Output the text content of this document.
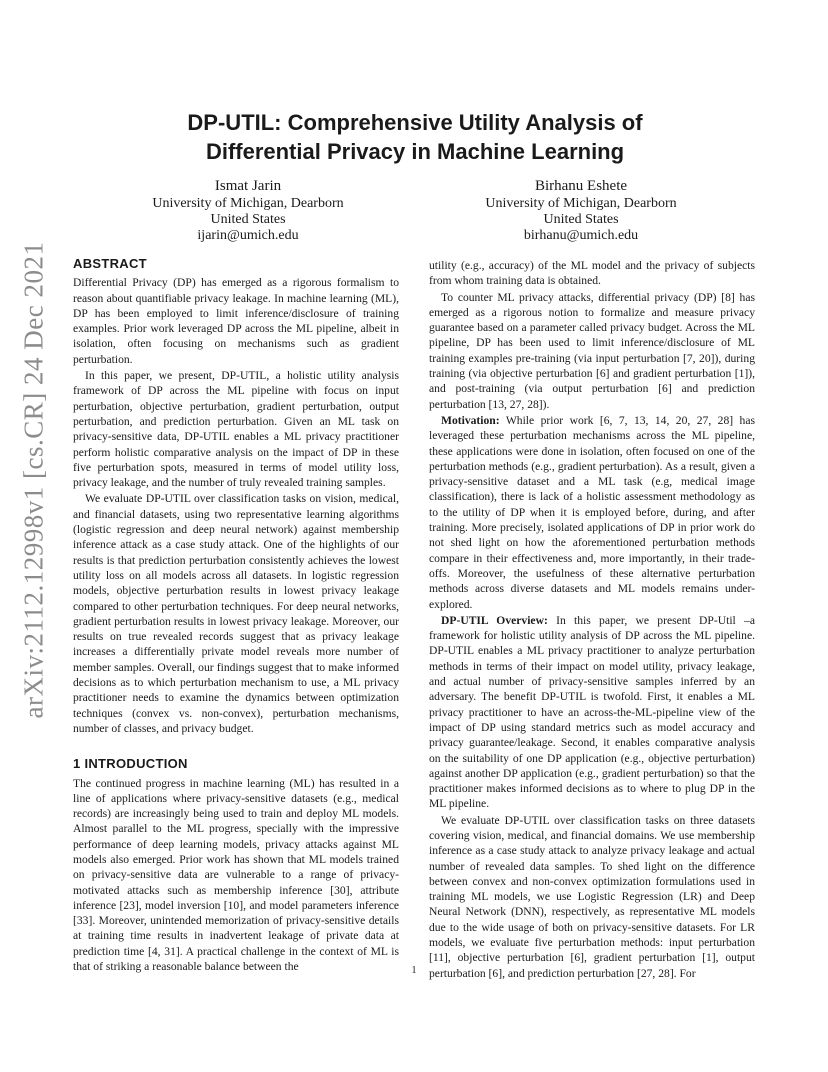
arXiv:2112.12998v1 [cs.CR] 24 Dec 2021
DP-UTIL: Comprehensive Utility Analysis of
Differential Privacy in Machine Learning
Ismat Jarin
University of Michigan, Dearborn
United States
ijarin@umich.edu
Birhanu Eshete
University of Michigan, Dearborn
United States
birhanu@umich.edu
ABSTRACT

Differential Privacy (DP) has emerged as a rigorous formalism to reason about quantifiable privacy leakage. In machine learning (ML), DP has been employed to limit inference/disclosure of training examples. Prior work leveraged DP across the ML pipeline, albeit in isolation, often focusing on mechanisms such as gradient perturbation.

In this paper, we present, DP-UTIL, a holistic utility analysis framework of DP across the ML pipeline with focus on input perturbation, objective perturbation, gradient perturbation, output perturbation, and prediction perturbation. Given an ML task on privacy-sensitive data, DP-UTIL enables a ML privacy practitioner perform holistic comparative analysis on the impact of DP in these five perturbation spots, measured in terms of model utility loss, privacy leakage, and the number of truly revealed training samples.

We evaluate DP-UTIL over classification tasks on vision, medical, and financial datasets, using two representative learning algorithms (logistic regression and deep neural network) against membership inference attack as a case study attack. One of the highlights of our results is that prediction perturbation consistently achieves the lowest utility loss on all models across all datasets. In logistic regression models, objective perturbation results in lowest privacy leakage compared to other perturbation techniques. For deep neural networks, gradient perturbation results in lowest privacy leakage. Moreover, our results on true revealed records suggest that as privacy leakage increases a differentially private model reveals more number of member samples. Overall, our findings suggest that to make informed decisions as to which perturbation mechanism to use, a ML privacy practitioner needs to examine the dynamics between optimization techniques (convex vs. non-convex), perturbation mechanisms, number of classes, and privacy budget.

1 INTRODUCTION

The continued progress in machine learning (ML) has resulted in a line of applications where privacy-sensitive datasets (e.g., medical records) are increasingly being used to train and deploy ML models. Almost parallel to the ML progress, specially with the impressive performance of deep learning models, privacy attacks against ML models also emerged. Prior work has shown that ML models trained on privacy-sensitive data are vulnerable to a range of privacy-motivated attacks such as membership inference [30], attribute inference [23], model inversion [10], and model parameters inference [33]. Moreover, unintended memorization of privacy-sensitive details at training time results in inadvertent leakage of private data at prediction time [4, 31]. A practical challenge in the context of ML is that of striking a reasonable balance between the

utility (e.g., accuracy) of the ML model and the privacy of subjects from whom training data is obtained.

To counter ML privacy attacks, differential privacy (DP) [8] has emerged as a rigorous notion to formalize and measure privacy guarantee based on a parameter called privacy budget. Across the ML pipeline, DP has been used to limit inference/disclosure of ML training examples pre-training (via input perturbation [7, 20]), during training (via objective perturbation [6] and gradient perturbation [1]), and post-training (via output perturbation [6] and prediction perturbation [13, 27, 28]).

Motivation: While prior work [6, 7, 13, 14, 20, 27, 28] has leveraged these perturbation mechanisms across the ML pipeline, these applications were done in isolation, often focused on one of the perturbation methods (e.g., gradient perturbation). As a result, given a privacy-sensitive dataset and a ML task (e.g, medical image classification), there is lack of a holistic assessment methodology as to the utility of DP when it is employed before, during, and after training. More precisely, isolated applications of DP in prior work do not shed light on how the aforementioned perturbation methods compare in their effectiveness and, more importantly, in their trade-offs. Moreover, the usefulness of these alternative perturbation methods across diverse datasets and ML models remains under-explored.

DP-UTIL Overview: In this paper, we present DP-Util –a framework for holistic utility analysis of DP across the ML pipeline. DP-UTIL enables a ML privacy practitioner to analyze perturbation methods in terms of their impact on model utility, privacy leakage, and actual number of privacy-sensitive samples inferred by an adversary. The benefit DP-UTIL is twofold. First, it enables a ML privacy practitioner to have an across-the-ML-pipeline view of the impact of DP using standard metrics such as model accuracy and privacy guarantee/leakage. Second, it enables comparative analysis on the suitability of one DP application (e.g., objective perturbation) against another DP application (e.g., gradient perturbation) so that the practitioner makes informed decisions as to where to plug DP in the ML pipeline.

We evaluate DP-UTIL over classification tasks on three datasets covering vision, medical, and financial domains. We use membership inference as a case study attack to analyze privacy leakage and actual number of revealed data samples. To shed light on the difference between convex and non-convex optimization formulations used in training ML models, we use Logistic Regression (LR) and Deep Neural Network (DNN), respectively, as representative ML models due to the wide usage of both on privacy-sensitive datasets. For LR models, we evaluate five perturbation methods: input perturbation [11], objective perturbation [6], gradient perturbation [1], output perturbation [6], and prediction perturbation [27, 28]. For

1
